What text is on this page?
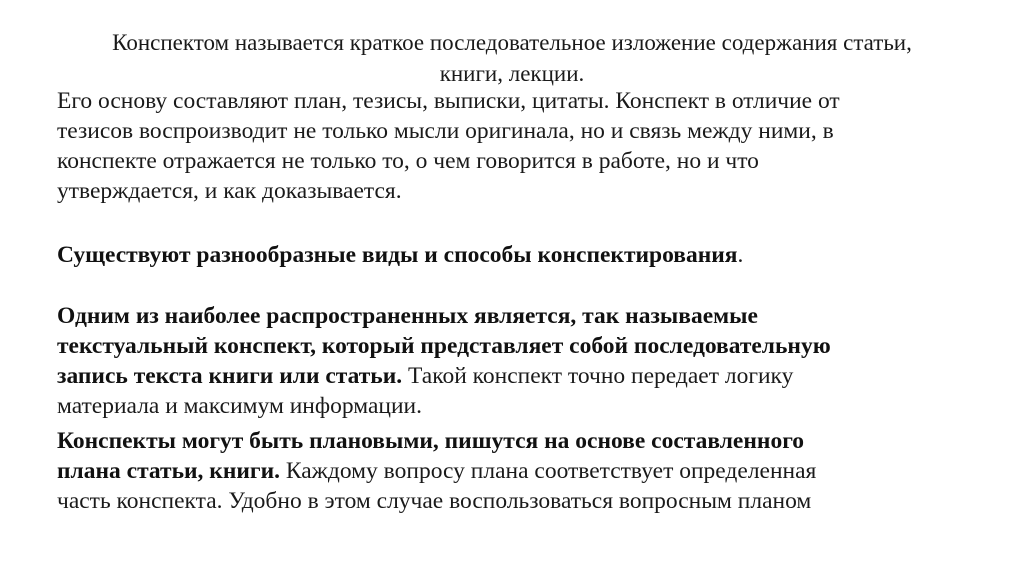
Конспектом называется краткое последовательное изложение содержания статьи,
книги, лекции.

Его основу составляют план, тезисы, выписки, цитаты. Конспект в отличие от
тезисов воспроизводит не только мысли оригинала, но и связь между ними, в
конспекте отражается не только то, о чем говорится в работе, но и что
утверждается, и как доказывается.

Существуют разнообразные виды и способы конспектирования.

Одним из наиболее распространенных является, так называемые
текстуальный конспект, который представляет собой последовательную
запись текста книги или статьи. Такой конспект точно передает логику
материала и максимум информации.

Конспекты могут быть плановыми, пишутся на основе составленного
плана статьи, книги. Каждому вопросу плана соответствует определенная
часть конспекта. Удобно в этом случае воспользоваться вопросным планом
